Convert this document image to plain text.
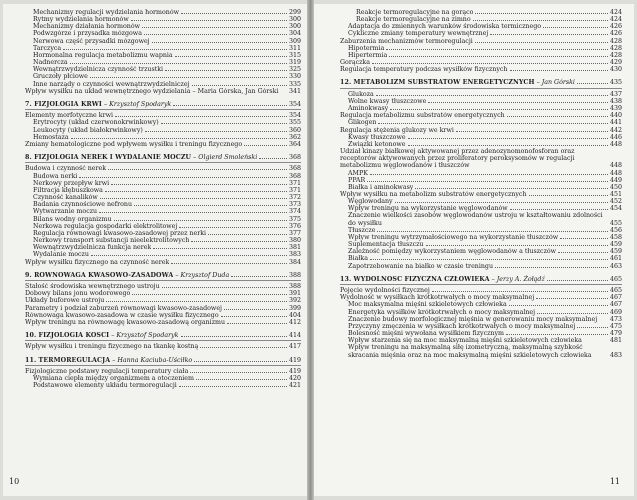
Mechanizmy regulacji wydzielania hormonów	299
Rytmy wydzielania hormonów	300
Mechanizmy działania hormonów	300
Podwzgórze i przysadka mózgowa	304
Nerwowa część przysadki mózgowej	309
Tarczyca	311
Hormonalna regulacja metabolizmu wapnia	315
Nadnercza	319
Wewnątrzwydzielnicza czynność trzustki	325
Gruczoły płciowe	330
Inne narządy o czynności wewnątrzwydzielniczej	335
Wpływ wysiłku na układ wewnętrznego wydzielania – Maria Górska, Jan Górski	341
7. FIZJOLOGIA KRWI – Krzysztof Spodaryk	354
Elementy morfotyczne krwi	354
Erytrocyty (układ czerwonokrwinkowy)	355
Leukocyty (układ białokrwinkowy)	360
Hemostaza	362
Zmiany hematologiczne pod wpływem wysiłku i treningu fizycznego	364
8. FIZJOLOGIA NEREK I WYDALANIE MOCZU – Olgierd Smoleński	368
Budowa i czynność nerek	368
Budowa nerki	368
Nerkowy przepływ krwi	371
Filtracja kłębuszkowa	371
Czynność kanalików	372
Badania czynnościowe nefronu	373
Wytwarzanie moczu	374
Bilans wodny organizmu	375
Nerkowa regulacja gospodarki elektrolitowej	376
Regulacja równowagi kwasowo-zasadowej przez nerki	377
Nerkowy transport substancji nieelektrolitowych	380
Wewnątrzwydzielnicza funkcja nerek	381
Wydalanie moczu	383
Wpływ wysiłku fizycznego na czynność nerek	384
9. RÓWNOWAGA KWASOWO-ZASADOWA – Krzysztof Duda	388
Stałość środowiska wewnętrznego ustroju	388
Dobowy bilans jonu wodorowego	391
Układy buforowe ustroju	392
Parametry i podział zaburzeń równowagi kwasowo-zasadowej	399
Równowaga kwasowo-zasadowa w czasie wysiłku fizycznego	404
Wpływ treningu na równowagę kwasowo-zasadową organizmu	412
10. FIZJOLOGIA KOŚCI – Krzysztof Spodaryk	414
Wpływ wysiłku i treningu fizycznego na tkankę kostną	417
11. TERMOREGULACJA – Hanna Kaciuba-Uściłko	419
Fizjologiczne podstawy regulacji temperatury ciała	419
Wymiana ciepła między organizmem a otoczeniem	420
Podstawowe elementy układu termoregulacji	421
10
Reakcje termoregulacyjne na gorąco	424
Reakcje termoregulacyjne na zimno	424
Adaptacja do zmiennych warunków środowiska termicznego	426
Cykliczne zmiany temperatury wewnętrznej	426
Zaburzenia mechanizmów termoregulacji	428
Hipotermia	428
Hipertermia	428
Gorączka	429
Regulacja temperatury podczas wysiłków fizycznych	430
12. METABOLIZM SUBSTRATÓW ENERGETYCZNYCH – Jan Górski	435
Glukoza	437
Wolne kwasy tłuszczowe	438
Aminokwasy	439
Regulacja metabolizmu substratów energetycznych	440
Glikogen	441
Regulacja stężenia glukozy we krwi	442
Kwasy tłuszczowe	446
Związki ketonowe	448
Udział kinazy białkowej aktywowanej przez adenozynomonofosforan oraz receptorów aktywowanych przez proliferatory peroksysomów w regulacji metabolizmu węglowodanów i tłuszczów	448
AMPK	448
PPAR	449
Białka i aminokwasy	450
Wpływ wysiłku na metabolizm substratów energetycznych	451
Węglowodany	452
Wpływ treningu na wykorzystanie węglowodanów	454
Znaczenie wielkości zasobów węglowodanów ustroju w kształtowaniu zdolności do wysiłku	455
Tłuszcze	456
Wpływ treningu wytrzymałościowego na wykorzystanie tłuszczów	458
Suplementacja tłuszczu	459
Zależność pomiędzy wykorzystaniem węglowodanów a tłuszczów	459
Białka	461
Zapotrzebowanie na białko w czasie treningu	463
13. WYDOLNOŚĆ FIZYCZNA CZŁOWIEKA – Jerzy A. Żołądź	465
Pojęcie wydolności fizycznej	465
Wydolność w wysiłkach krótkotrwałych o mocy maksymalnej	467
Moc maksymalna mięśni szkieletowych człowieka	467
Energetyka wysiłków krótkotrwałych o mocy maksymalnej	469
Znaczenie budowy morfologicznej mięśnia w generowaniu mocy maksymalnej	473
Przyczyny zmęczenia w wysiłkach krótkotrwałych o mocy maksymalnej	475
Bolesność mięśni wywołana wysiłkiem fizycznym	479
Wpływ starzenia się na moc maksymalną mięśni szkieletowych człowieka	481
Wpływ treningu na maksymalną siłę izometryczną, maksymalną szybkość skracania mięśnia oraz na moc maksymalną mięśni szkieletowych człowieka	483
11
